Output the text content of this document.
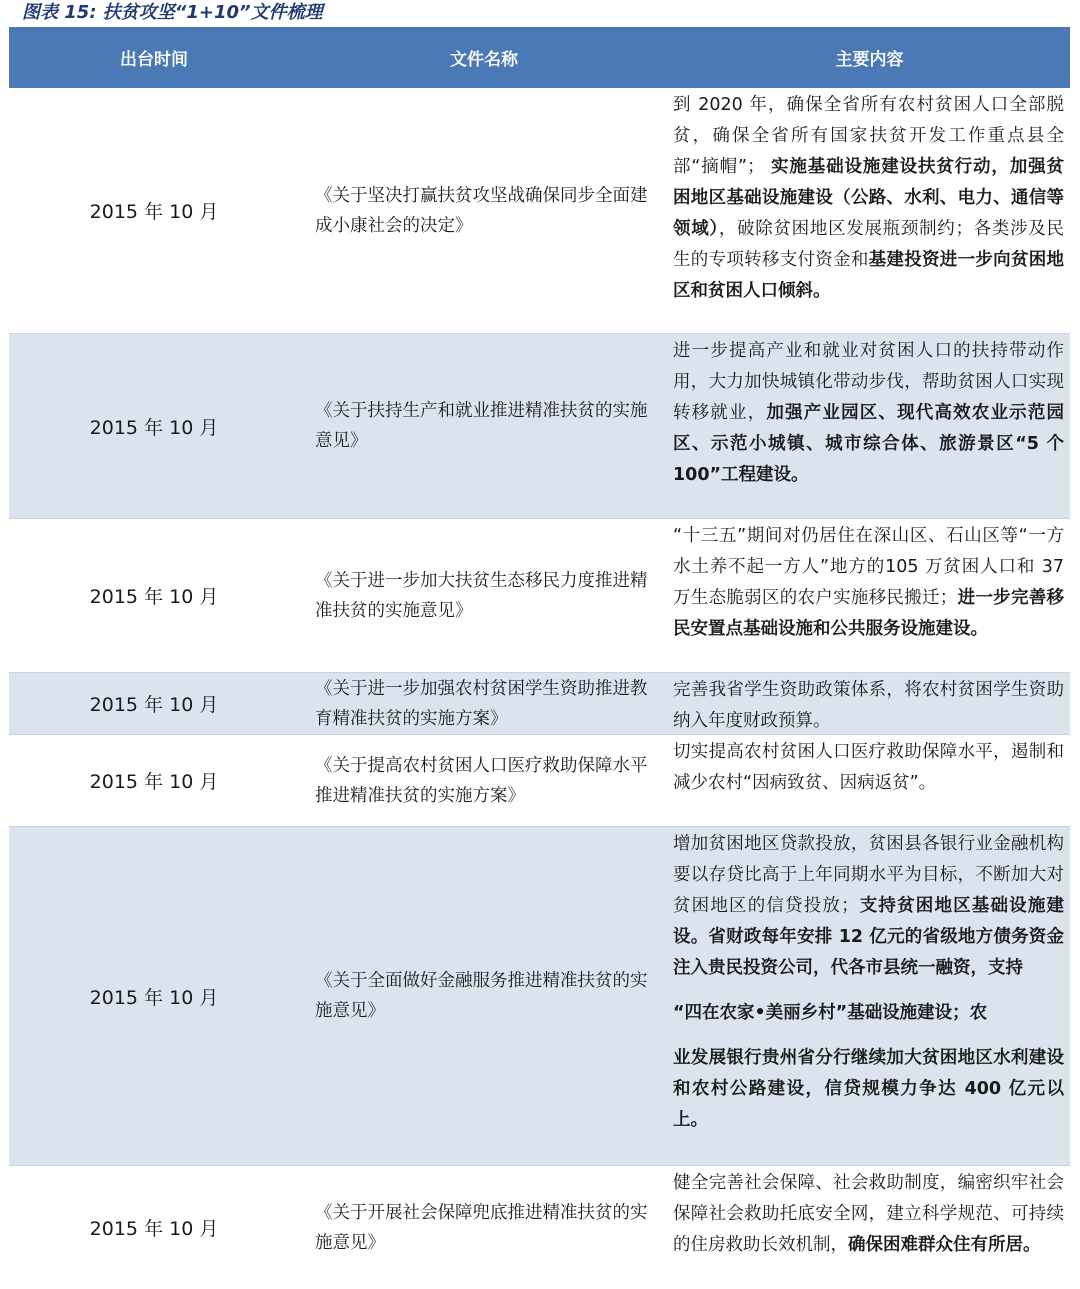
图表 15: 扶贫攻坚“1+10”文件梳理
出台时间	文件名称	主要内容
2015 年 10 月
《关于坚决打赢扶贫攻坚战确保同步全面建成小康社会的决定》
到 2020 年，确保全省所有农村贫困人口全部脱贫，确保全省所有国家扶贫开发工作重点县全部“摘帽”； 实施基础设施建设扶贫行动，加强贫困地区基础设施建设（公路、水利、电力、通信等领域），破除贫困地区发展瓶颈制约；各类涉及民生的专项转移支付资金和基建投资进一步向贫困地区和贫困人口倾斜。
2015 年 10 月
《关于扶持生产和就业推进精准扶贫的实施意见》
进一步提高产业和就业对贫困人口的扶持带动作用，大力加快城镇化带动步伐，帮助贫困人口实现转移就业，加强产业园区、现代高效农业示范园区、示范小城镇、城市综合体、旅游景区“5 个 100”工程建设。
2015 年 10 月
《关于进一步加大扶贫生态移民力度推进精准扶贫的实施意见》
“十三五”期间对仍居住在深山区、石山区等“一方水土养不起一方人”地方的105 万贫困人口和 37 万生态脆弱区的农户实施移民搬迁；进一步完善移民安置点基础设施和公共服务设施建设。
2015 年 10 月
《关于进一步加强农村贫困学生资助推进教育精准扶贫的实施方案》
完善我省学生资助政策体系，将农村贫困学生资助纳入年度财政预算。
2015 年 10 月
《关于提高农村贫困人口医疗救助保障水平推进精准扶贫的实施方案》
切实提高农村贫困人口医疗救助保障水平，遏制和减少农村“因病致贫、因病返贫”。
2015 年 10 月
《关于全面做好金融服务推进精准扶贫的实施意见》
增加贫困地区贷款投放，贫困县各银行业金融机构要以存贷比高于上年同期水平为目标，不断加大对贫困地区的信贷投放；支持贫困地区基础设施建设。省财政每年安排 12 亿元的省级地方债务资金注入贵民投资公司，代各市县统一融资，支持
“四在农家•美丽乡村”基础设施建设；农
业发展银行贵州省分行继续加大贫困地区水利建设和农村公路建设，信贷规模力争达 400 亿元以上。
2015 年 10 月
《关于开展社会保障兜底推进精准扶贫的实施意见》
健全完善社会保障、社会救助制度，编密织牢社会保障社会救助托底安全网，建立科学规范、可持续的住房救助长效机制，确保困难群众住有所居。
